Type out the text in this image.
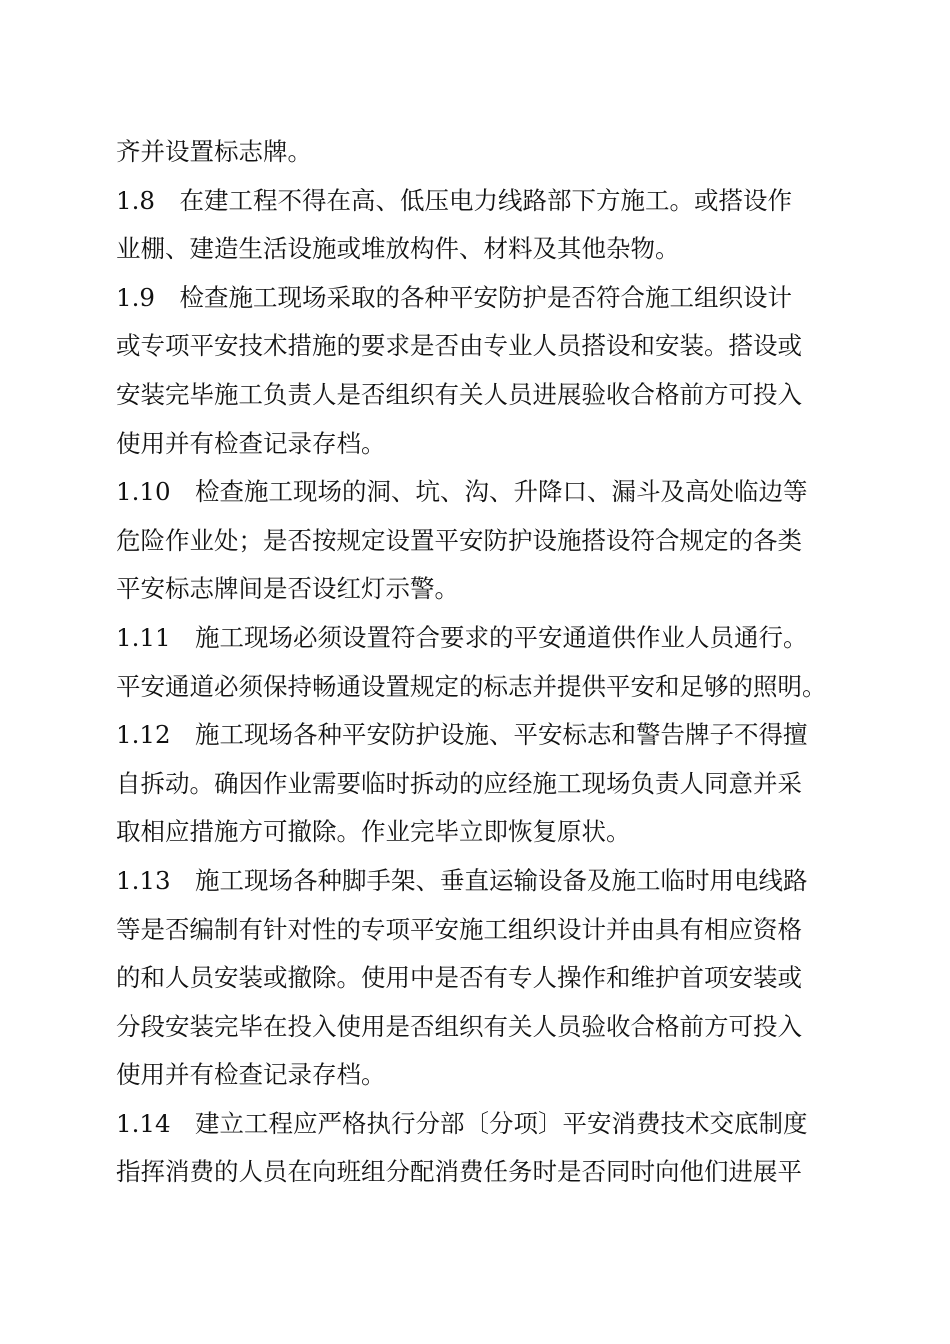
齐并设置标志牌。
1.8　在建工程不得在高、低压电力线路部下方施工。或搭设作
业棚、建造生活设施或堆放构件、材料及其他杂物。
1.9　检查施工现场采取的各种平安防护是否符合施工组织设计
或专项平安技术措施的要求是否由专业人员搭设和安装。搭设或
安装完毕施工负责人是否组织有关人员进展验收合格前方可投入
使用并有检查记录存档。
1.10　检查施工现场的洞、坑、沟、升降口、漏斗及高处临边等
危险作业处；是否按规定设置平安防护设施搭设符合规定的各类
平安标志牌间是否设红灯示警。
1.11　施工现场必须设置符合要求的平安通道供作业人员通行。
平安通道必须保持畅通设置规定的标志并提供平安和足够的照明。
1.12　施工现场各种平安防护设施、平安标志和警告牌子不得擅
自拆动。确因作业需要临时拆动的应经施工现场负责人同意并采
取相应措施方可撤除。作业完毕立即恢复原状。
1.13　施工现场各种脚手架、垂直运输设备及施工临时用电线路
等是否编制有针对性的专项平安施工组织设计并由具有相应资格
的和人员安装或撤除。使用中是否有专人操作和维护首项安装或
分段安装完毕在投入使用是否组织有关人员验收合格前方可投入
使用并有检查记录存档。
1.14　建立工程应严格执行分部〔分项〕平安消费技术交底制度
指挥消费的人员在向班组分配消费任务时是否同时向他们进展平
